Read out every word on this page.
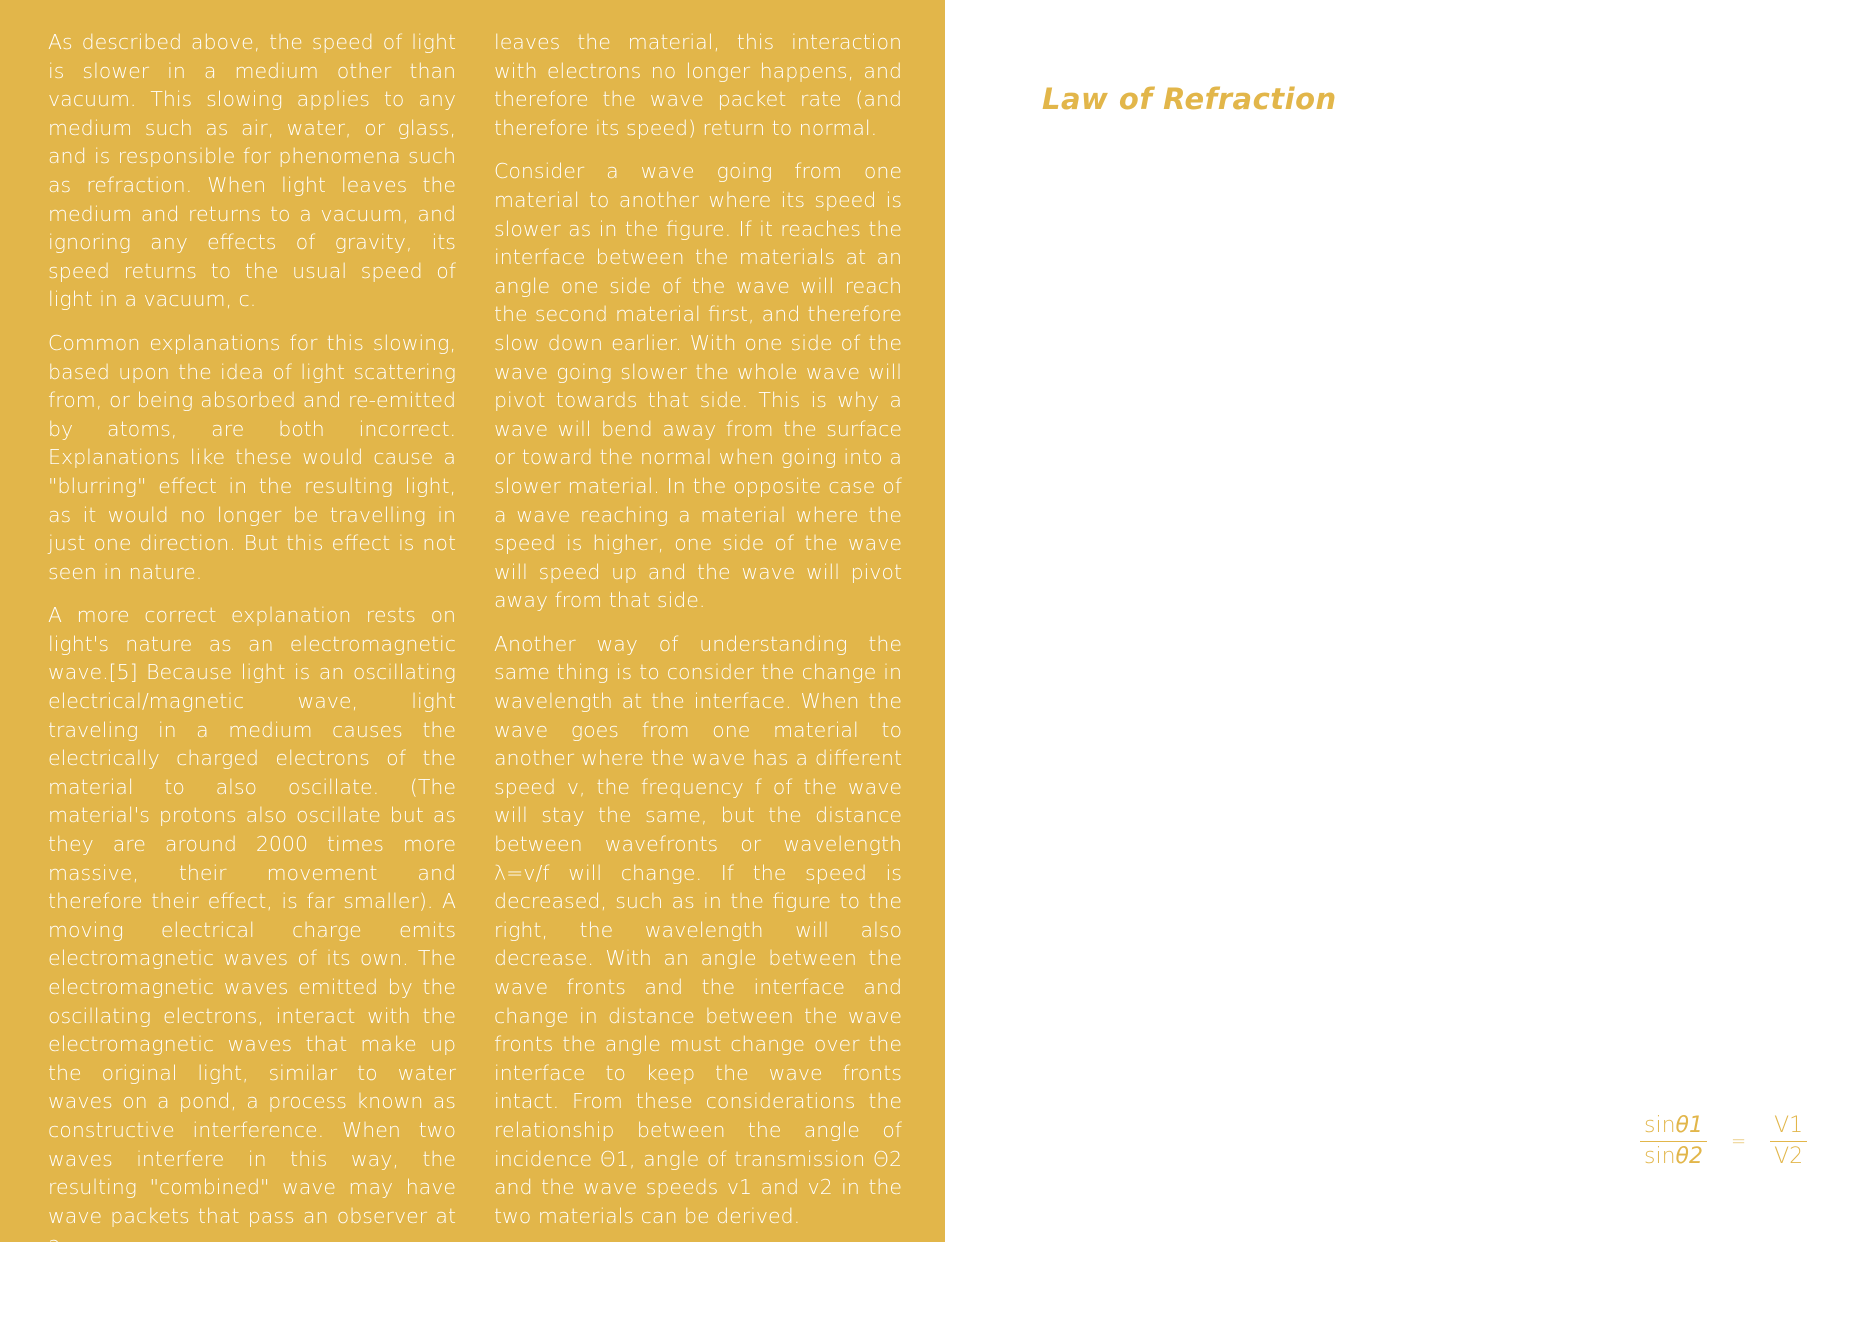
As described above, the speed of light is slower in a medium other than vacuum. This slowing applies to any medium such as air, water, or glass, and is responsible for phenomena such as refraction. When light leaves the medium and returns to a vacuum, and ignoring any effects of gravity, its speed returns to the usual speed of light in a vacuum, c.

Common explanations for this slowing, based upon the idea of light scattering from, or being absorbed and re-emitted by atoms, are both incorrect. Explanations like these would cause a "blurring" effect in the resulting light, as it would no longer be travelling in just one direction. But this effect is not seen in nature.

A more correct explanation rests on light's nature as an electromagnetic wave.[5] Because light is an oscillating electrical/magnetic wave, light traveling in a medium causes the electrically charged electrons of the material to also oscillate. (The material's protons also oscillate but as they are around 2000 times more massive, their movement and therefore their effect, is far smaller). A moving electrical charge emits electromagnetic waves of its own. The electromagnetic waves emitted by the oscillating electrons, interact with the electromagnetic waves that make up the original light, similar to water waves on a pond, a process known as constructive interference. When two waves interfere in this way, the resulting "combined" wave may have wave packets that pass an observer at a

slower rate. The light has effectively been slowed down. When the light

leaves the material, this interaction with electrons no longer happens, and therefore the wave packet rate (and therefore its speed) return to normal.

Consider a wave going from one material to another where its speed is slower as in the figure. If it reaches the interface between the materials at an angle one side of the wave will reach the second material first, and therefore slow down earlier. With one side of the wave going slower the whole wave will pivot towards that side. This is why a wave will bend away from the surface or toward the normal when going into a slower material. In the opposite case of a wave reaching a material where the speed is higher, one side of the wave will speed up and the wave will pivot away from that side.

Another way of understanding the same thing is to consider the change in wavelength at the interface. When the wave goes from one material to another where the wave has a different speed v, the frequency f of the wave will stay the same, but the distance between wavefronts or wavelength λ=v/f will change. If the speed is decreased, such as in the figure to the right, the wavelength will also decrease. With an angle between the wave fronts and the interface and change in distance between the wave fronts the angle must change over the interface to keep the wave fronts intact. From these considerations the relationship between the angle of incidence Θ1, angle of transmission Θ2 and the wave speeds v1 and v2 in the two materials can be derived.

Law of Refraction
$\frac{\sin\theta 1}{\sin\theta 2} = \frac{V1}{V2}$
